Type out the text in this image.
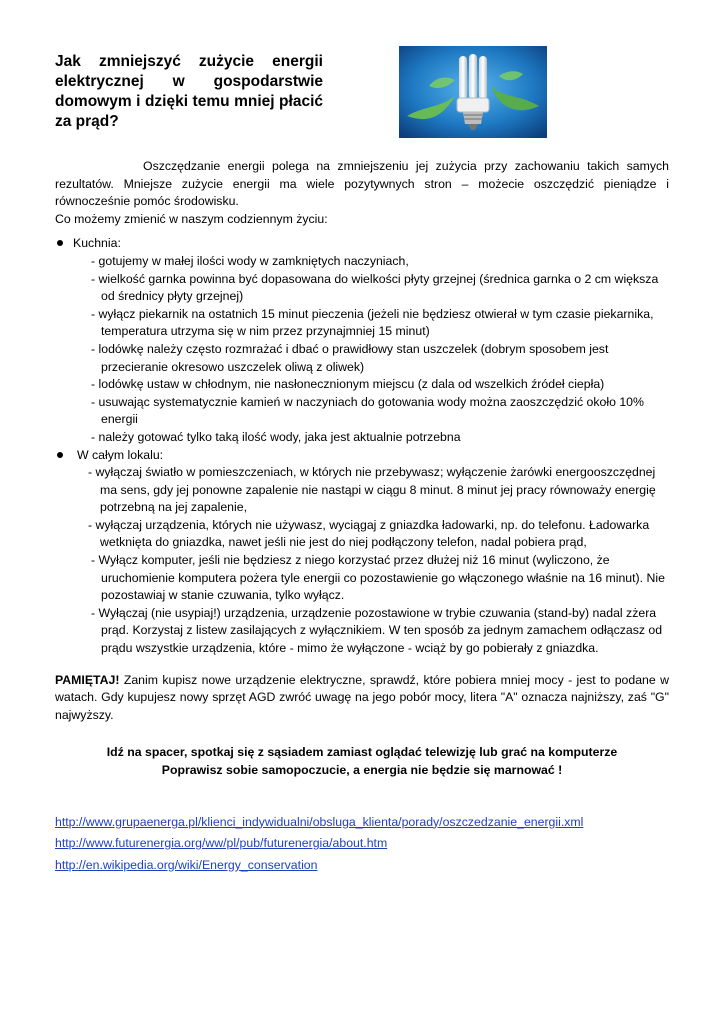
Jak zmniejszyć zużycie energii elektrycznej w gospodarstwie domowym i dzięki temu mniej płacić za prąd?

Oszczędzanie energii polega na zmniejszeniu jej zużycia przy zachowaniu takich samych rezultatów. Mniejsze zużycie energii ma wiele pozytywnych stron – możecie oszczędzić pieniądze i równocześnie pomóc środowisku.

Co możemy zmienić w naszym codziennym życiu:

Kuchnia:
- gotujemy w małej ilości wody w zamkniętych naczyniach,
- wielkość garnka powinna być dopasowana do wielkości płyty grzejnej (średnica garnka o 2 cm większa od średnicy płyty grzejnej)
- wyłącz piekarnik na ostatnich 15 minut pieczenia (jeżeli nie będziesz otwierał w tym czasie piekarnika, temperatura utrzyma się w nim przez przynajmniej 15 minut)
- lodówkę należy często rozmrażać i dbać o prawidłowy stan uszczelek (dobrym sposobem jest przecieranie okresowo uszczelek oliwą z oliwek)
- lodówkę ustaw w chłodnym, nie nasłonecznionym miejscu (z dala od wszelkich źródeł ciepła)
- usuwając systematycznie kamień w naczyniach do gotowania wody można zaoszczędzić około 10% energii
- należy gotować tylko taką ilość wody, jaka jest aktualnie potrzebna
W całym lokalu:
- wyłączaj światło w pomieszczeniach, w których nie przebywasz; wyłączenie żarówki energooszczędnej ma sens, gdy jej ponowne zapalenie nie nastąpi w ciągu 8 minut. 8 minut jej pracy równoważy energię potrzebną na jej zapalenie,
- wyłączaj urządzenia, których nie używasz, wyciągaj z gniazdka ładowarki, np. do telefonu. Ładowarka wetknięta do gniazdka, nawet jeśli nie jest do niej podłączony telefon, nadal pobiera prąd,
- Wyłącz komputer, jeśli nie będziesz z niego korzystać przez dłużej niż 16 minut (wyliczono, że uruchomienie komputera pożera tyle energii co pozostawienie go włączonego właśnie na 16 minut). Nie pozostawiaj w stanie czuwania, tylko wyłącz.
- Wyłączaj (nie usypiaj!) urządzenia, urządzenie pozostawione w trybie czuwania (stand-by) nadal zżera prąd. Korzystaj z listew zasilających z wyłącznikiem. W ten sposób za jednym zamachem odłączasz od prądu wszystkie urządzenia, które - mimo że wyłączone - wciąż by go pobierały z gniazdka.

PAMIĘTAJ! Zanim kupisz nowe urządzenie elektryczne, sprawdź, które pobiera mniej mocy - jest to podane w watach. Gdy kupujesz nowy sprzęt AGD zwróć uwagę na jego pobór mocy, litera "A" oznacza najniższy, zaś "G" najwyższy.

Idź na spacer, spotkaj się z sąsiadem zamiast oglądać telewizję lub grać na komputerze
Poprawisz sobie samopoczucie, a energia nie będzie się marnować !
http://www.grupaenerga.pl/klienci_indywidualni/obsluga_klienta/porady/oszczedzanie_energii.xml
http://www.futurenergia.org/ww/pl/pub/futurenergia/about.htm
http://en.wikipedia.org/wiki/Energy_conservation
